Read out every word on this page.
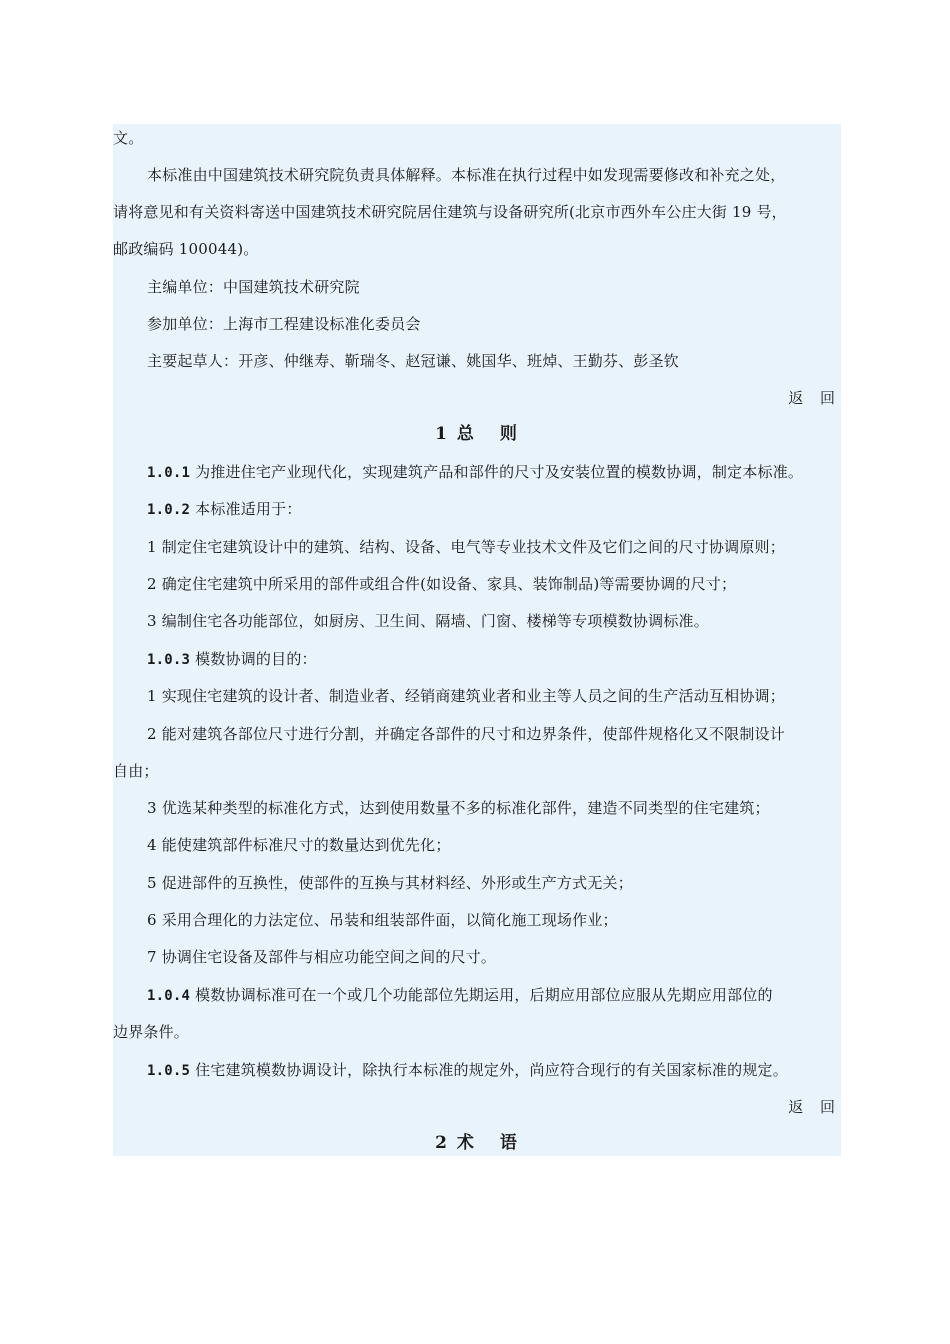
文。
本标准由中国建筑技术研究院负责具体解释。本标准在执行过程中如发现需要修改和补充之处，
请将意见和有关资料寄送中国建筑技术研究院居住建筑与设备研究所(北京市西外车公庄大街 19 号，
邮政编码 100044)。
主编单位：中国建筑技术研究院
参加单位：上海市工程建设标准化委员会
主要起草人：开彦、仲继寿、靳瑞冬、赵冠谦、姚国华、班焯、王勤芬、彭圣钦
返 回
1 总 则
1.0.1 为推进住宅产业现代化，实现建筑产品和部件的尺寸及安装位置的模数协调，制定本标准。
1.0.2 本标准适用于：
1 制定住宅建筑设计中的建筑、结构、设备、电气等专业技术文件及它们之间的尺寸协调原则；
2 确定住宅建筑中所采用的部件或组合件(如设备、家具、装饰制品)等需要协调的尺寸；
3 编制住宅各功能部位，如厨房、卫生间、隔墙、门窗、楼梯等专项模数协调标准。
1.0.3 模数协调的目的：
1 实现住宅建筑的设计者、制造业者、经销商建筑业者和业主等人员之间的生产活动互相协调；
2 能对建筑各部位尺寸进行分割，并确定各部件的尺寸和边界条件，使部件规格化又不限制设计
自由；
3 优选某种类型的标准化方式，达到使用数量不多的标准化部件，建造不同类型的住宅建筑；
4 能使建筑部件标准尺寸的数量达到优先化；
5 促进部件的互换性，使部件的互换与其材料经、外形或生产方式无关；
6 采用合理化的力法定位、吊装和组装部件面，以简化施工现场作业；
7 协调住宅设备及部件与相应功能空间之间的尺寸。
1.0.4 模数协调标准可在一个或几个功能部位先期运用，后期应用部位应服从先期应用部位的
边界条件。
1.0.5 住宅建筑模数协调设计，除执行本标准的规定外，尚应符合现行的有关国家标准的规定。
返 回
2 术 语
